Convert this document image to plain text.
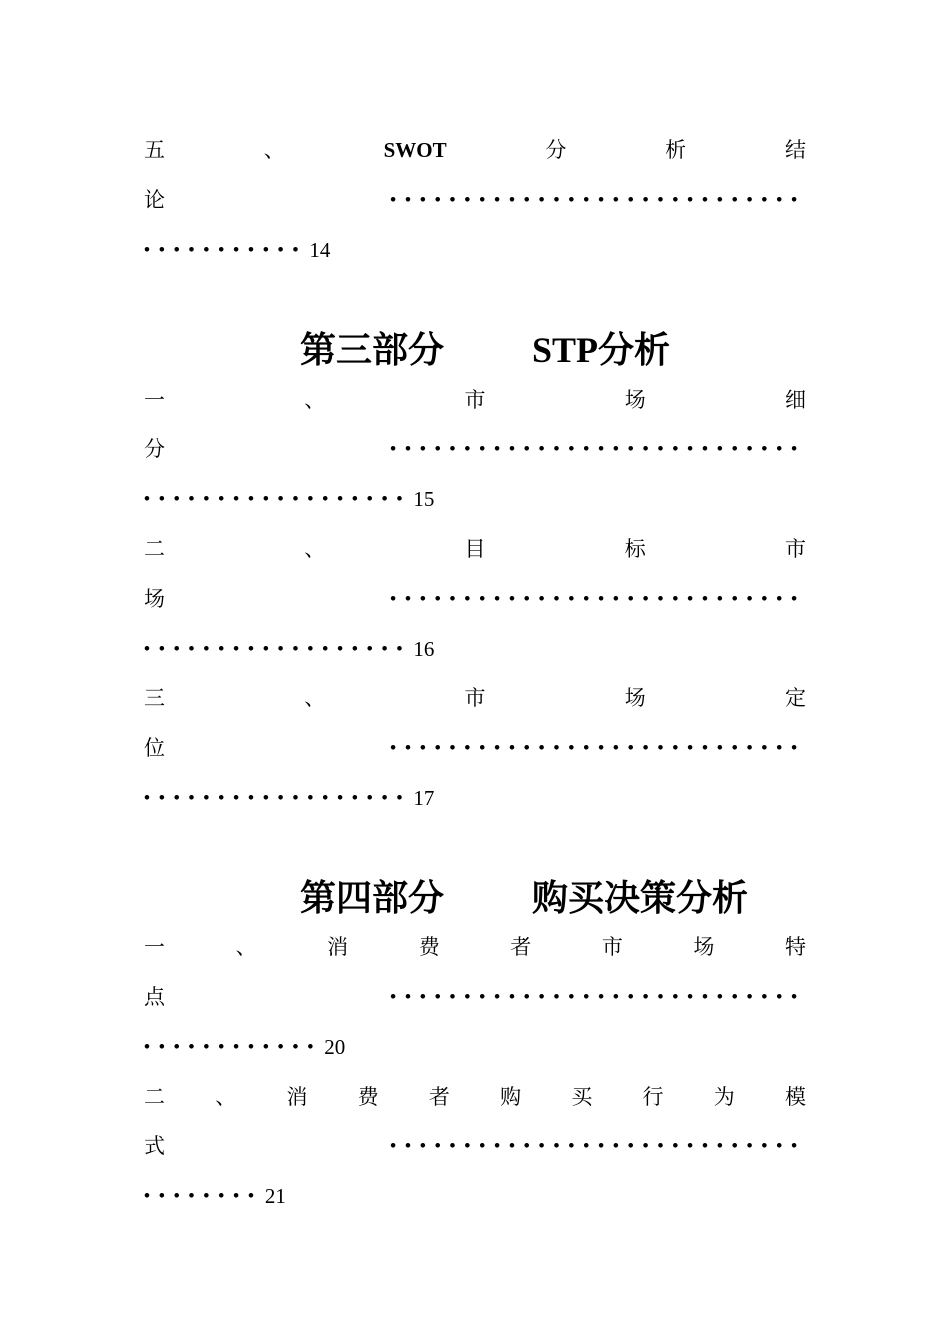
五	、	SWOT	分	析	结
论	••••••••••••••••••••••••••••
••••••••••• 14
第三部分 STP分析
一	、	市	场	细
分	••••••••••••••••••••••••••••
•••••••••••••••••• 15
二	、	目	标	市
场	••••••••••••••••••••••••••••
•••••••••••••••••• 16
三	、	市	场	定
位	••••••••••••••••••••••••••••
•••••••••••••••••• 17
第四部分 购买决策分析
一	、	消	费	者	市	场	特
点	••••••••••••••••••••••••••••
•••••••••••• 20
二 、 消 费 者 购 买 行 为 模
式	••••••••••••••••••••••••••••
•••••••• 21
